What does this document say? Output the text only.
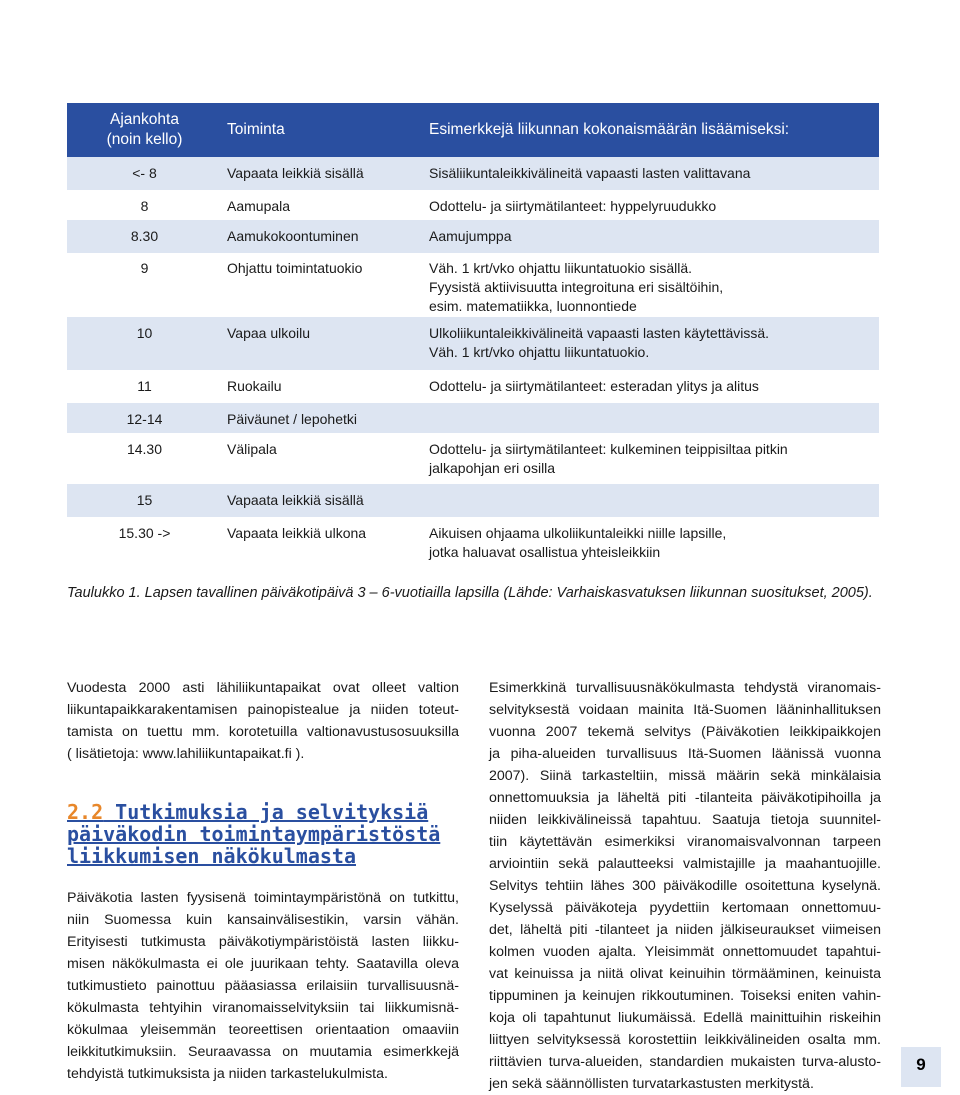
Ajankohta
(noin kello)	Toiminta	Esimerkkejä liikunnan kokonaismäärän lisäämiseksi:
<- 8	Vapaata leikkiä sisällä	Sisäliikuntaleikkivälineitä vapaasti lasten valittavana

8	Aamupala	Odottelu- ja siirtymätilanteet: hyppelyruudukko

8.30	Aamukokoontuminen	Aamujumppa

9	Ohjattu toimintatuokio	Väh. 1 krt/vko ohjattu liikuntatuokio sisällä.
Fyysistä aktiivisuutta integroituna eri sisältöihin,
esim. matematiikka, luonnontiede

10	Vapaa ulkoilu	Ulkoliikuntaleikkivälineitä vapaasti lasten käytettävissä.
Väh. 1 krt/vko ohjattu liikuntatuokio.

11	Ruokailu	Odottelu- ja siirtymätilanteet: esteradan ylitys ja alitus

12-14	Päiväunet / lepohetki	
14.30	Välipala	Odottelu- ja siirtymätilanteet: kulkeminen teippisiltaa pitkin
jalkapohjan eri osilla

15	Vapaata leikkiä sisällä	
15.30 ->	Vapaata leikkiä ulkona	Aikuisen ohjaama ulkoliikuntaleikki niille lapsille,
jotka haluavat osallistua yhteisleikkiin
Taulukko 1. Lapsen tavallinen päiväkotipäivä 3 – 6-vuotiailla lapsilla (Lähde: Varhaiskasvatuksen liikunnan suositukset, 2005).

Vuodesta 2000 asti lähiliikuntapaikat ovat olleet valtion
liikuntapaikkarakentamisen painopistealue ja niiden toteut-
tamista on tuettu mm. korotetuilla valtionavustusosuuksilla
( lisätietoja: www.lahiliikuntapaikat.fi ).

2.2 Tutkimuksia ja selvityksiä
päiväkodin toimintaympäristöstä
liikkumisen näkökulmasta

Päiväkotia lasten fyysisenä toimintaympäristönä on tutkittu,
niin Suomessa kuin kansainvälisestikin, varsin vähän.
Erityisesti tutkimusta päiväkotiympäristöistä lasten liikku-
misen näkökulmasta ei ole juurikaan tehty. Saatavilla oleva
tutkimustieto painottuu pääasiassa erilaisiin turvallisuusnä-
kökulmasta tehtyihin viranomaisselvityksiin tai liikkumisnä-
kökulmaa yleisemmän teoreettisen orientaation omaaviin
leikkitutkimuksiin. Seuraavassa on muutamia esimerkkejä
tehdyistä tutkimuksista ja niiden tarkastelukulmista.

Esimerkkinä turvallisuusnäkökulmasta tehdystä viranomais-
selvityksestä voidaan mainita Itä-Suomen lääninhallituksen
vuonna 2007 tekemä selvitys (Päiväkotien leikkipaikkojen
ja piha-alueiden turvallisuus Itä-Suomen läänissä vuonna
2007). Siinä tarkasteltiin, missä määrin sekä minkälaisia
onnettomuuksia ja läheltä piti -tilanteita päiväkotipihoilla ja
niiden leikkivälineissä tapahtuu. Saatuja tietoja suunnitel-
tiin käytettävän esimerkiksi viranomaisvalvonnan tarpeen
arviointiin sekä palautteeksi valmistajille ja maahantuojille.
Selvitys tehtiin lähes 300 päiväkodille osoitettuna kyselynä.
Kyselyssä päiväkoteja pyydettiin kertomaan onnettomuu-
det, läheltä piti -tilanteet ja niiden jälkiseuraukset viimeisen
kolmen vuoden ajalta. Yleisimmät onnettomuudet tapahtui-
vat keinuissa ja niitä olivat keinuihin törmääminen, keinuista
tippuminen ja keinujen rikkoutuminen. Toiseksi eniten vahin-
koja oli tapahtunut liukumäissä. Edellä mainittuihin riskeihin
liittyen selvityksessä korostettiin leikkivälineiden osalta mm.
riittävien turva-alueiden, standardien mukaisten turva-alusto-
jen sekä säännöllisten turvatarkastusten merkitystä.

9
